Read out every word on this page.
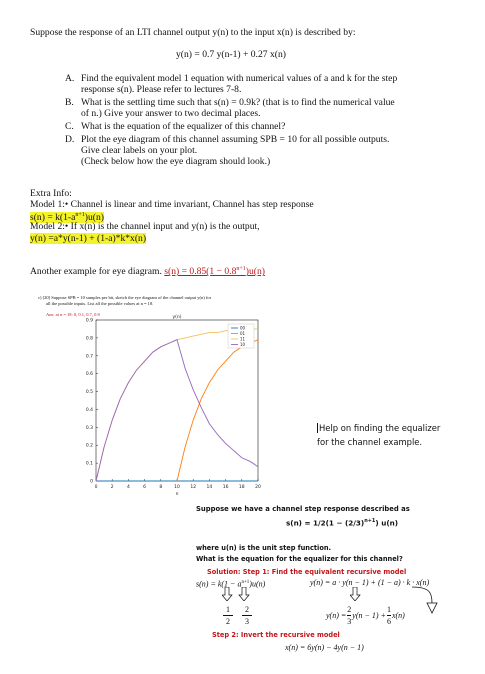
Suppose the response of an LTI channel output y(n) to the input x(n) is described by:
y(n) = 0.7 y(n-1) + 0.27 x(n)
A. Find the equivalent model 1 equation with numerical values of a and k for the step
response s(n). Please refer to lectures 7-8.
B. What is the settling time such that s(n) = 0.9k? (that is to find the numerical value
of n.) Give your answer to two decimal places.
C. What is the equation of the equalizer of this channel?
D. Plot the eye diagram of this channel assuming SPB = 10 for all possible outputs.
Give clear labels on your plot.
(Check below how the eye diagram should look.)
Extra Info:
Model 1:• Channel is linear and time invariant, Channel has step response
$s(n) = k(1-a^{n+1})u(n)$
Model 2:• If x(n) is the channel input and y(n) is the output,
y(n) =a*y(n-1) + (1-a)*k*x(n)
Another example for eye diagram. $s(n) = 0.85(1 - 0.8^{n+1})u(n)$
c) [20] Suppose SPB = 10 samples per bit, sketch the eye diagram of the channel output y(n) for
all the possible inputs. List all the possible values at n = 18.
Ans: at n = 18: 0, 0.1, 0.7, 0.8
0	2	4	6	8	10 12 14 16 18 20
0
0.1
0.2
0.3
0.4
0.5
0.6
0.7
0.8
0.9
y(n)
n
00
01
11
10
Help on finding the equalizer
for the channel example.
Suppose we have a channel step response described as
$s(n) = 1/2(1 - (2/3)^{n+1})$ u(n)
where u(n) is the unit step function.
What is the equation for the equalizer for this channel?
Solution: Step 1: Find the equivalent recursive model
$s(n) = k(1 - a^{n+1})u(n)$	y(n) = a · y(n − 1) + (1 − a) · k · x(n)
1
2
2
3
$y(n) = \frac{2}{3} y(n - 1) + \frac{1}{6} x(n)$
Step 2: Invert the recursive model
x(n) = 6y(n) − 4y(n − 1)
